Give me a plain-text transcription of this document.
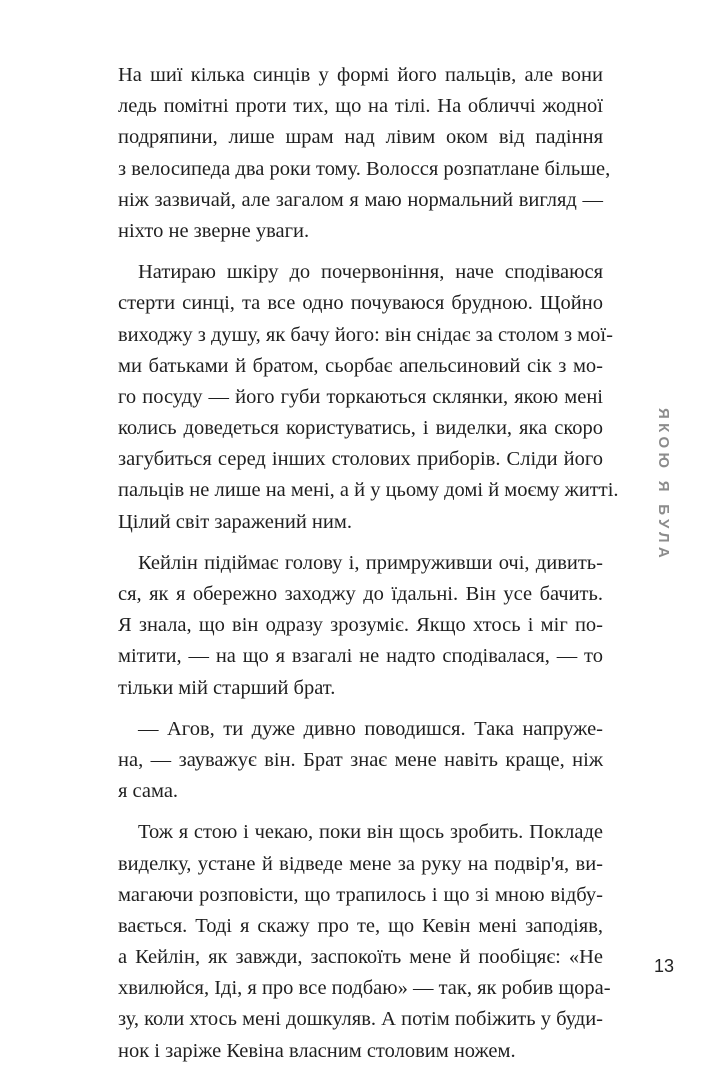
На шиї кілька синців у формі його пальців, але вони
ледь помітні проти тих, що на тілі. На обличчі жодної
подряпини, лише шрам над лівим оком від падіння
з велосипеда два роки тому. Волосся розпатлане більше,
ніж зазвичай, але загалом я маю нормальний вигляд —
ніхто не зверне уваги.
Натираю шкіру до почервоніння, наче сподіваюся
стерти синці, та все одно почуваюся брудною. Щойно
виходжу з душу, як бачу його: він снідає за столом з мої-
ми батьками й братом, сьорбає апельсиновий сік з мо-
го посуду — його губи торкаються склянки, якою мені
колись доведеться користуватись, і виделки, яка скоро
загубиться серед інших столових приборів. Сліди його
пальців не лише на мені, а й у цьому домі й моєму житті.
Цілий світ заражений ним.
Кейлін підіймає голову і, примруживши очі, дивить-
ся, як я обережно заходжу до їдальні. Він усе бачить.
Я знала, що він одразу зрозуміє. Якщо хтось і міг по-
мітити, — на що я взагалі не надто сподівалася, — то
тільки мій старший брат.
— Агов, ти дуже дивно поводишся. Така напруже-
на, — зауважує він. Брат знає мене навіть краще, ніж
я сама.
Тож я стою і чекаю, поки він щось зробить. Покладе
виделку, устане й відведе мене за руку на подвір'я, ви-
магаючи розповісти, що трапилось і що зі мною відбу-
вається. Тоді я скажу про те, що Кевін мені заподіяв,
а Кейлін, як завжди, заспокоїть мене й пообіцяє: «Не
хвилюйся, Іді, я про все подбаю» — так, як робив щора-
зу, коли хтось мені дошкуляв. А потім побіжить у буди-
нок і заріже Кевіна власним столовим ножем.
ЯКОЮ Я БУЛА
13
